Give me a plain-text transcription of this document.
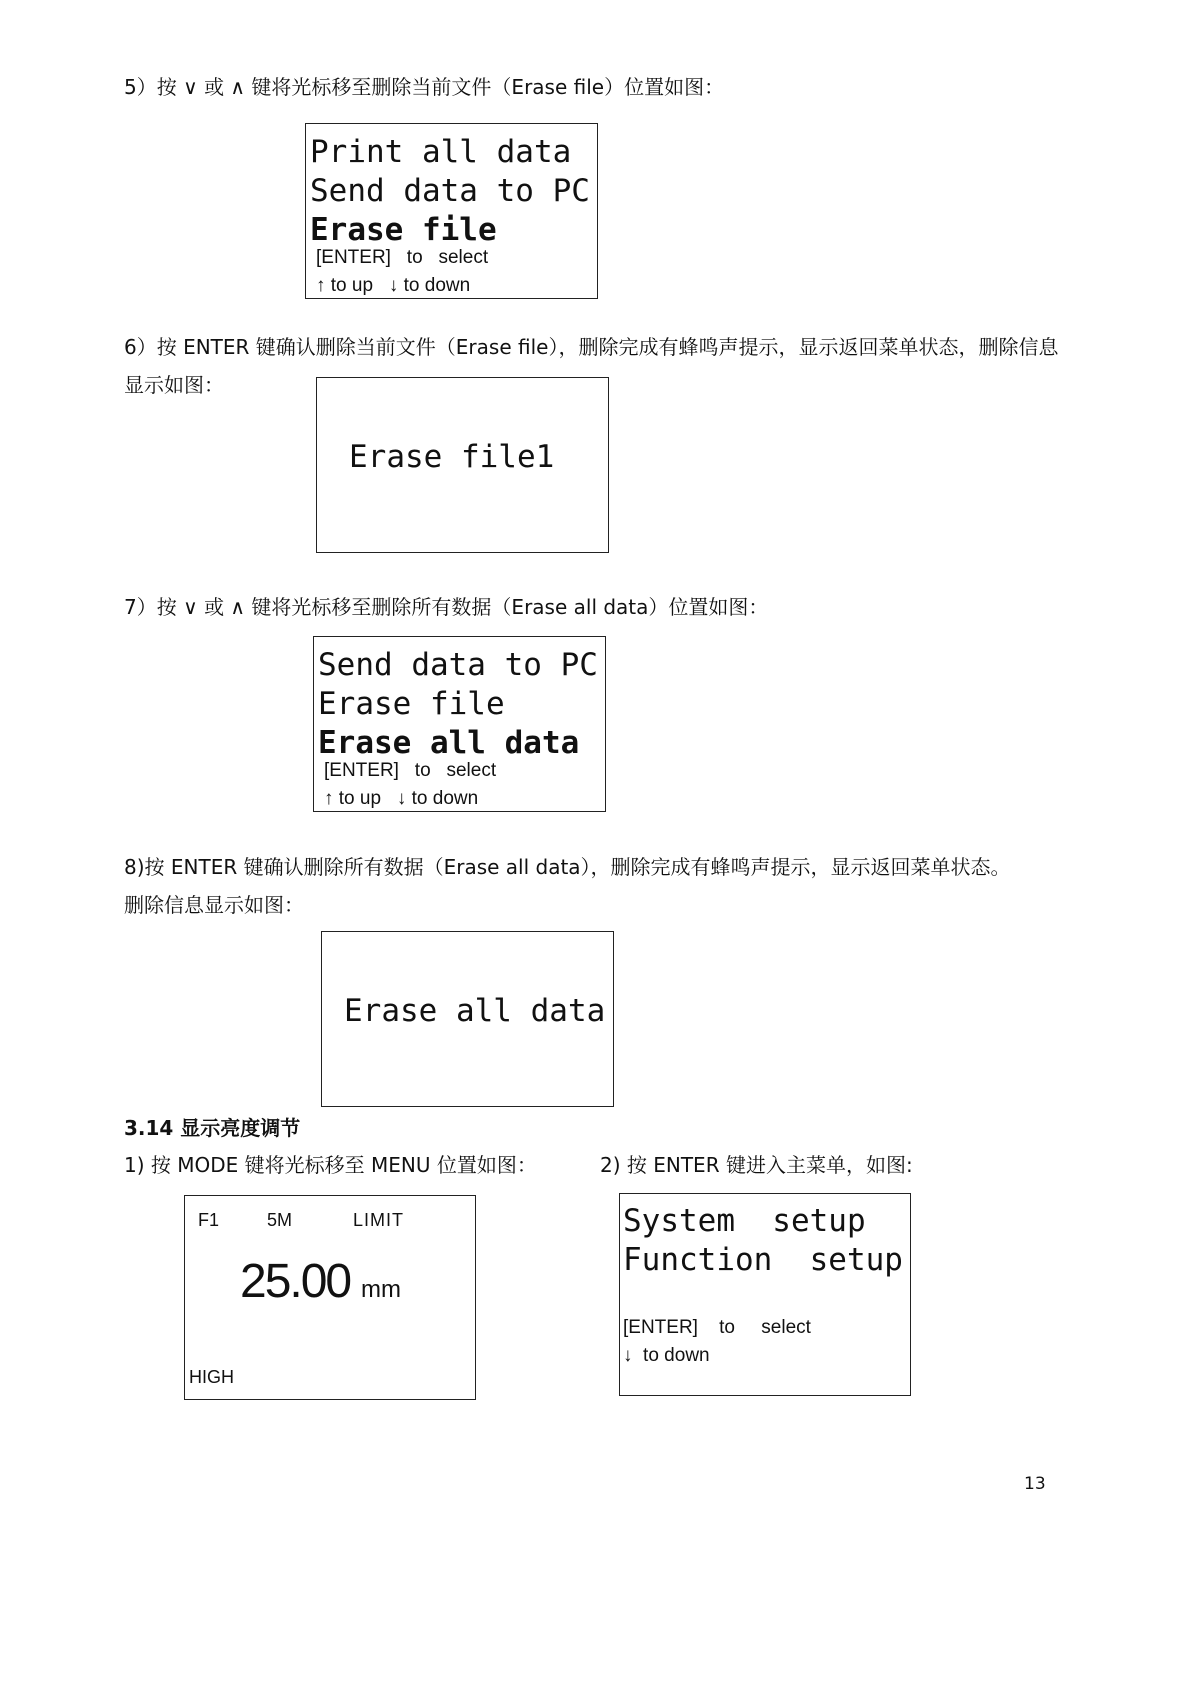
5）按 ∨ 或 ∧ 键将光标移至删除当前文件（Erase file）位置如图：
Print all data
Send data to PC
Erase file
[ENTER]   to   select
↑ to up   ↓ to down
6）按 ENTER 键确认删除当前文件（Erase file），删除完成有蜂鸣声提示，显示返回菜单状态，删除信息
显示如图：
Erase file1
7）按 ∨ 或 ∧ 键将光标移至删除所有数据（Erase all data）位置如图：
Send data to PC
Erase file
Erase all data
[ENTER]   to   select
↑ to up   ↓ to down
8)按 ENTER 键确认删除所有数据（Erase all data），删除完成有蜂鸣声提示，显示返回菜单状态。
删除信息显示如图：
Erase all data
3.14 显示亮度调节
1) 按 MODE 键将光标移至 MENU 位置如图：	2) 按 ENTER 键进入主菜单，如图:
F1	5M	LIMIT
25.00 mm
HIGH
System  setup
Function  setup
[ENTER]    to     select
↓  to down
13
